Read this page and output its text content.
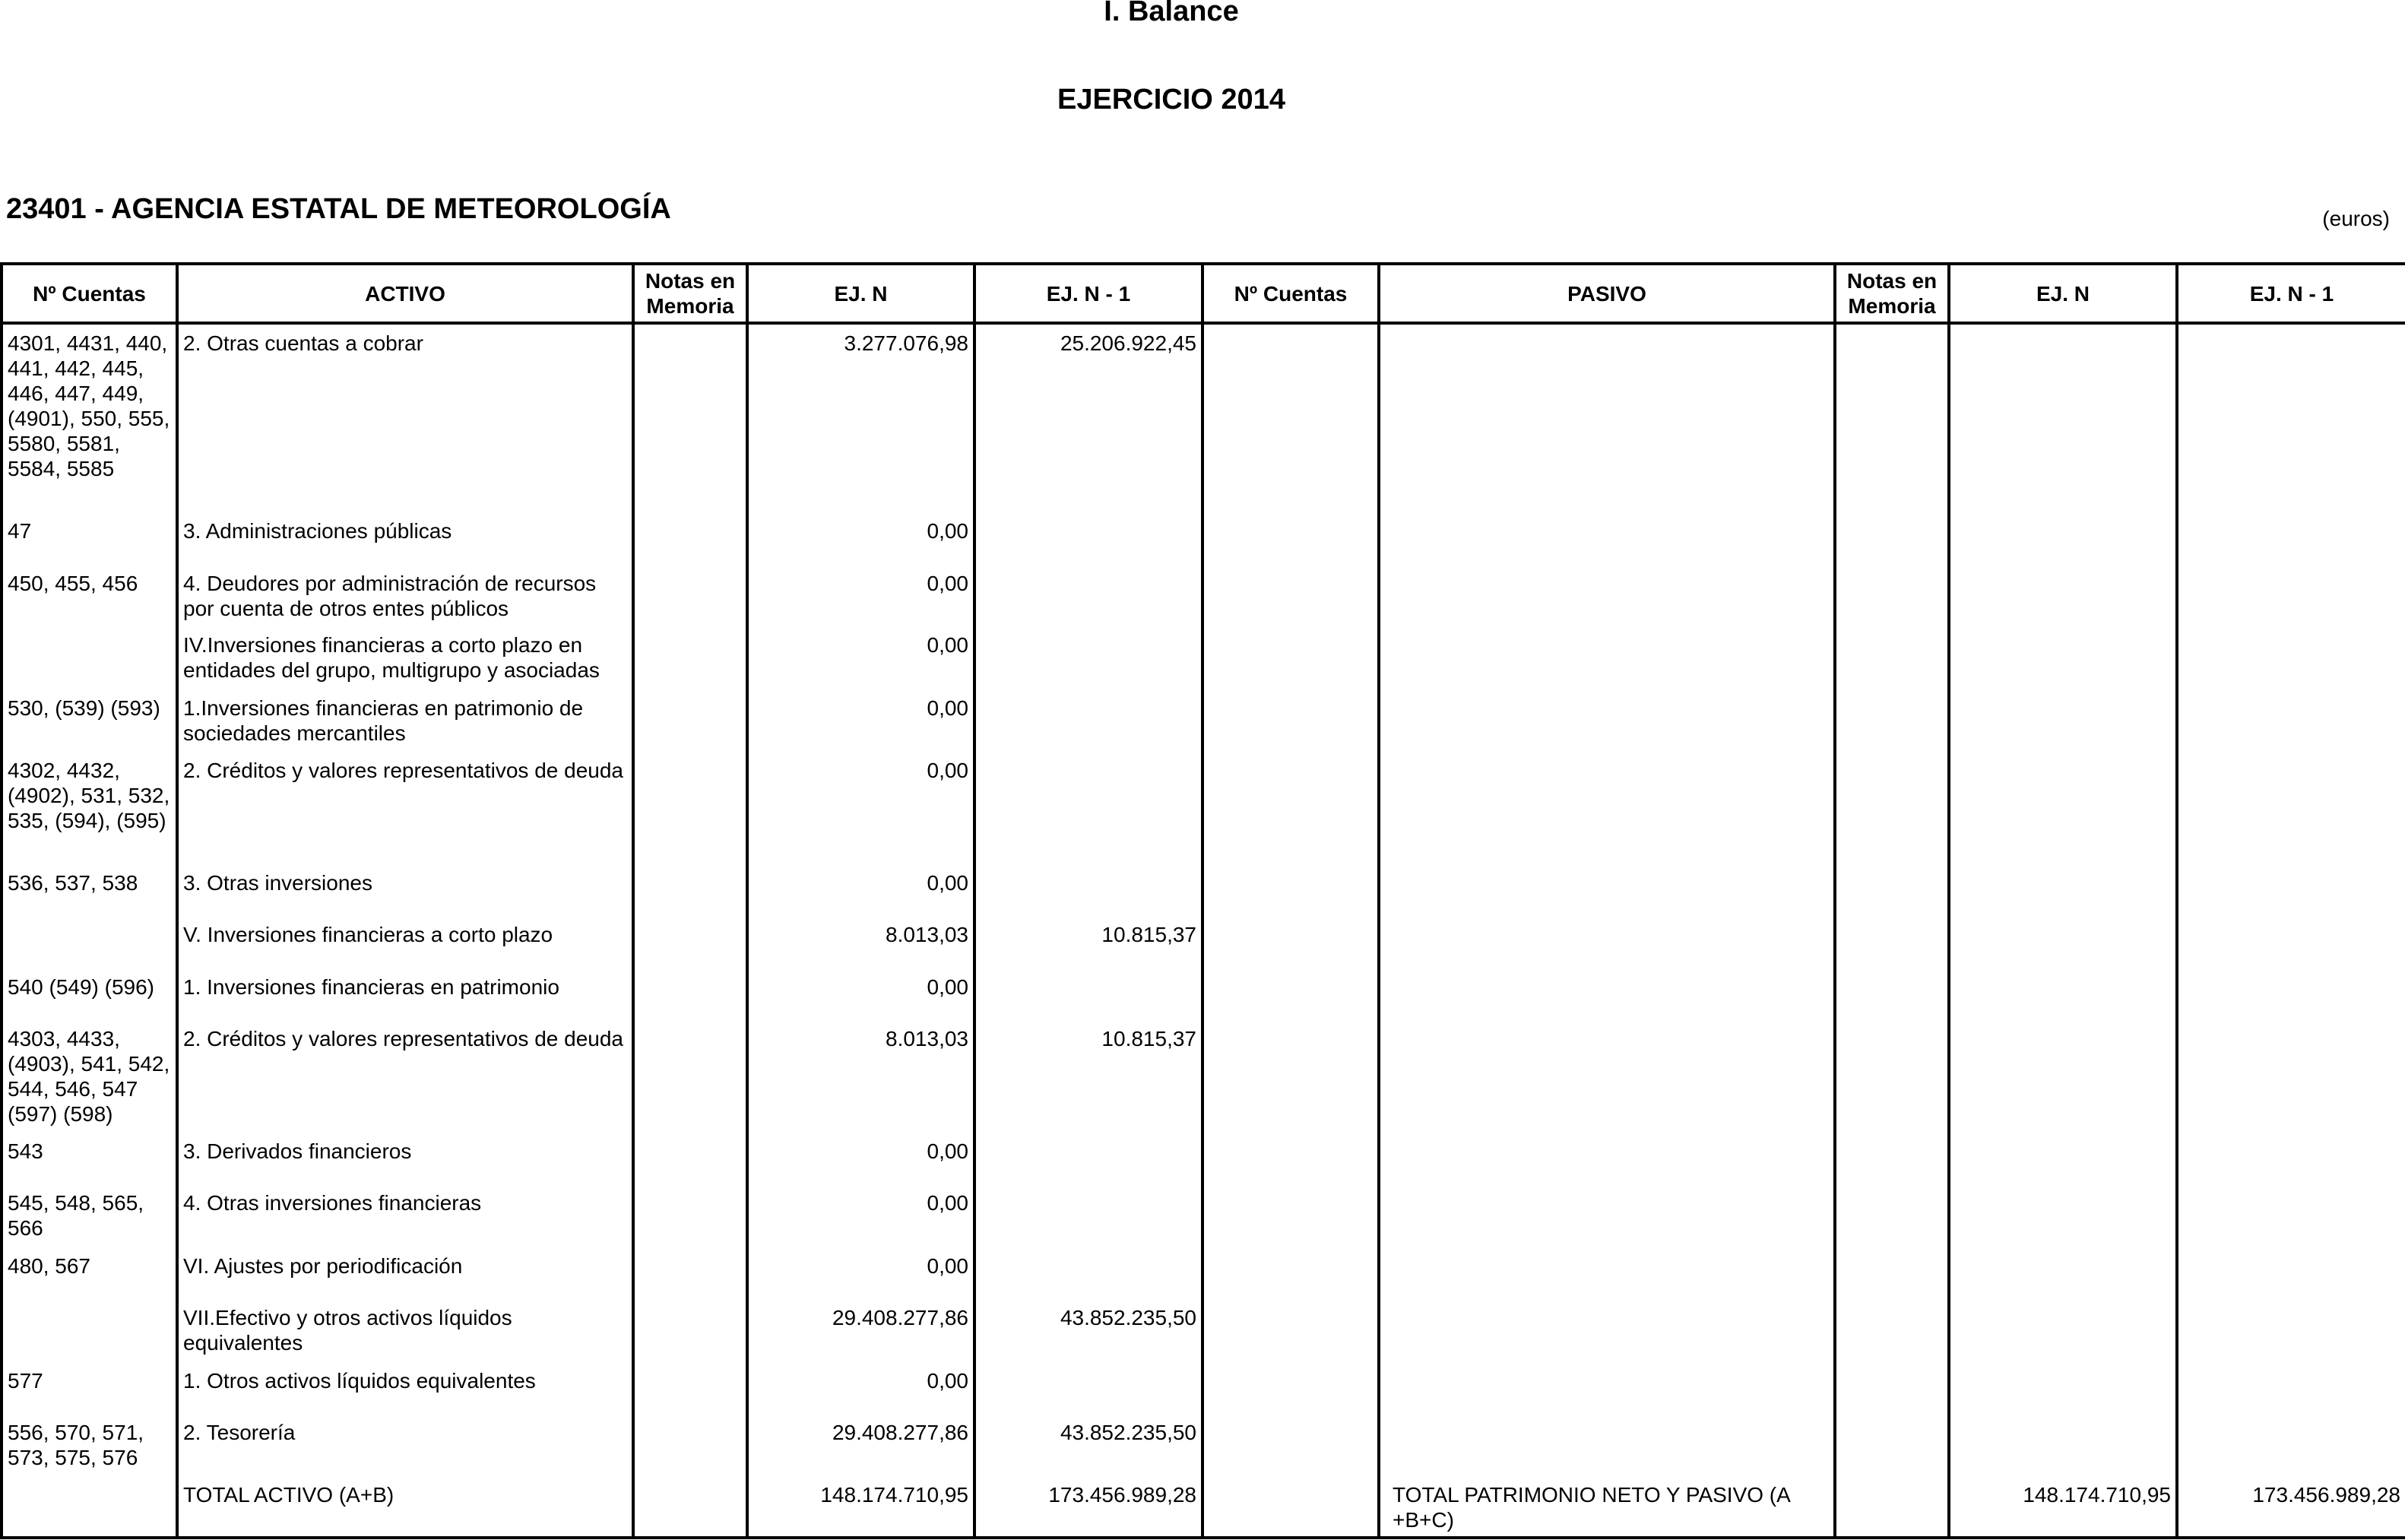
I. Balance
EJERCICIO 2014
23401 - AGENCIA ESTATAL DE METEOROLOGÍA	(euros)
Nº Cuentas	ACTIVO	Notas en Memoria	EJ. N	EJ. N - 1	Nº Cuentas	PASIVO	Notas en Memoria	EJ. N	EJ. N - 1
4301, 4431, 440, 441, 442, 445, 446, 447, 449, (4901), 550, 555, 5580, 5581, 5584, 5585	2. Otras cuentas a cobrar		3.277.076,98	25.206.922,45					
47	3. Administraciones públicas		0,00						
450, 455, 456	4. Deudores por administración de recursos por cuenta de otros entes públicos		0,00						
	IV.Inversiones financieras a corto plazo en entidades del grupo, multigrupo y asociadas		0,00						
530, (539) (593)	1.Inversiones financieras en patrimonio de sociedades mercantiles		0,00						
4302, 4432, (4902), 531, 532, 535, (594), (595)	2. Créditos y valores representativos de deuda		0,00						
536, 537, 538	3. Otras inversiones		0,00						
	V. Inversiones financieras a corto plazo		8.013,03	10.815,37					
540 (549) (596)	1. Inversiones financieras en patrimonio		0,00						
4303, 4433, (4903), 541, 542, 544, 546, 547 (597) (598)	2. Créditos y valores representativos de deuda		8.013,03	10.815,37					
543	3. Derivados financieros		0,00						
545, 548, 565, 566	4. Otras inversiones financieras		0,00						
480, 567	VI. Ajustes por periodificación		0,00						
	VII.Efectivo y otros activos líquidos equivalentes		29.408.277,86	43.852.235,50					
577	1. Otros activos líquidos equivalentes		0,00						
556, 570, 571, 573, 575, 576	2. Tesorería		29.408.277,86	43.852.235,50					
	TOTAL ACTIVO (A+B)		148.174.710,95	173.456.989,28		TOTAL PATRIMONIO NETO Y PASIVO (A +B+C)		148.174.710,95	173.456.989,28
